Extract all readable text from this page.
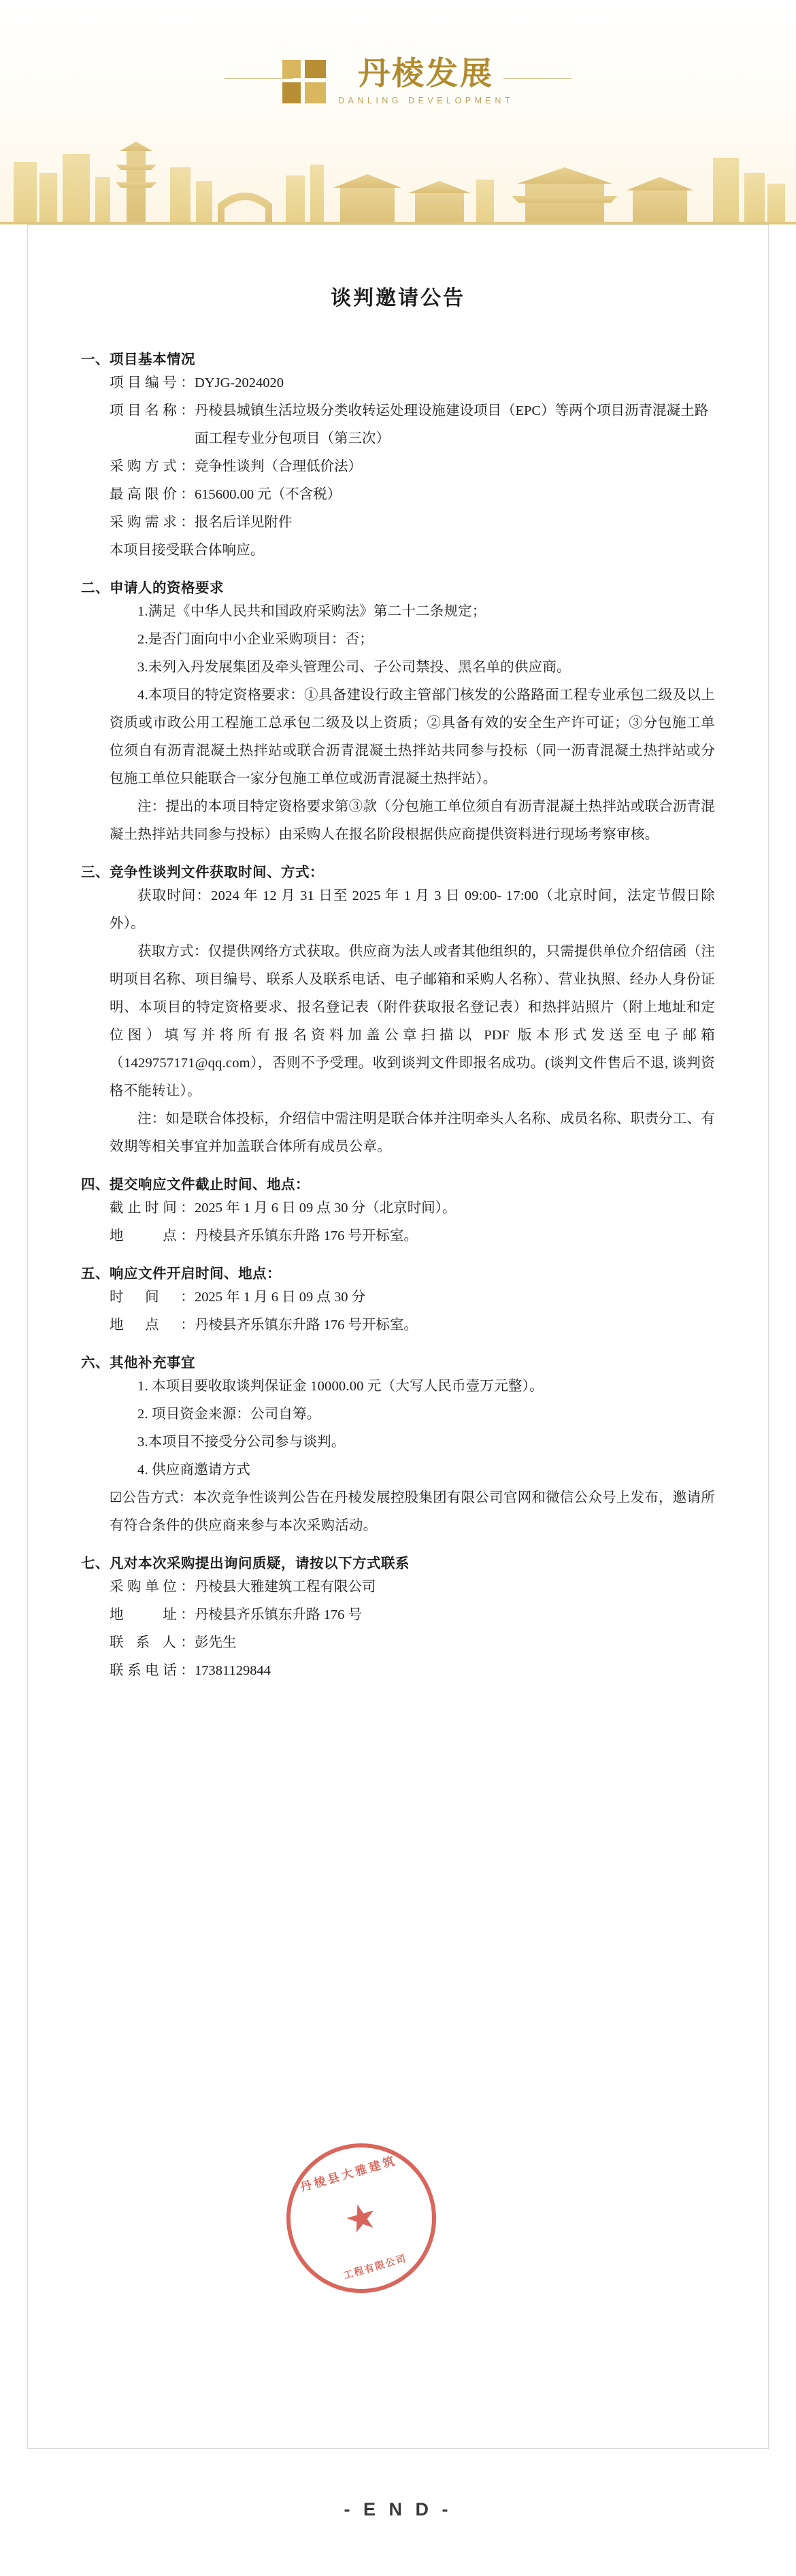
丹棱发展
DANLING DEVELOPMENT
谈判邀请公告
一、项目基本情况
项目编号： DYJG-2024020
项目名称： 丹棱县城镇生活垃圾分类收转运处理设施建设项目（EPC）等两个项目沥青混凝土路面工程专业分包项目（第三次）
采购方式： 竞争性谈判（合理低价法）
最高限价： 615600.00 元（不含税）
采购需求： 报名后详见附件

本项目接受联合体响应。

二、申请人的资格要求

1.满足《中华人民共和国政府采购法》第二十二条规定；

2.是否门面向中小企业采购项目：否；

3.未列入丹发展集团及牵头管理公司、子公司禁投、黑名单的供应商。

4.本项目的特定资格要求：①具备建设行政主管部门核发的公路路面工程专业承包二级及以上资质或市政公用工程施工总承包二级及以上资质；②具备有效的安全生产许可证；③分包施工单位须自有沥青混凝土热拌站或联合沥青混凝土热拌站共同参与投标（同一沥青混凝土热拌站或分包施工单位只能联合一家分包施工单位或沥青混凝土热拌站）。

注：提出的本项目特定资格要求第③款（分包施工单位须自有沥青混凝土热拌站或联合沥青混凝土热拌站共同参与投标）由采购人在报名阶段根据供应商提供资料进行现场考察审核。

三、竞争性谈判文件获取时间、方式：

获取时间：2024 年 12 月 31 日至 2025 年 1 月 3 日 09:00- 17:00（北京时间，法定节假日除外）。

获取方式：仅提供网络方式获取。供应商为法人或者其他组织的，只需提供单位介绍信函（注明项目名称、项目编号、联系人及联系电话、电子邮箱和采购人名称）、营业执照、经办人身份证明、本项目的特定资格要求、报名登记表（附件获取报名登记表）和热拌站照片（附上地址和定位图）填写并将所有报名资料加盖公章扫描以 PDF 版本形式发送至电子邮箱（1429757171@qq.com），否则不予受理。收到谈判文件即报名成功。(谈判文件售后不退, 谈判资格不能转让）。

注：如是联合体投标，介绍信中需注明是联合体并注明牵头人名称、成员名称、职责分工、有效期等相关事宜并加盖联合体所有成员公章。

四、提交响应文件截止时间、地点：
截止时间： 2025 年 1 月 6 日 09 点 30 分（北京时间）。
地　　点： 丹棱县齐乐镇东升路 176 号开标室。
五、响应文件开启时间、地点：
时间： 2025 年 1 月 6 日 09 点 30 分
地点： 丹棱县齐乐镇东升路 176 号开标室。
六、其他补充事宜

1. 本项目要收取谈判保证金 10000.00 元（大写人民币壹万元整）。

2. 项目资金来源：公司自筹。

3.本项目不接受分公司参与谈判。

4. 供应商邀请方式

☑公告方式：本次竞争性谈判公告在丹棱发展控股集团有限公司官网和微信公众号上发布，邀请所有符合条件的供应商来参与本次采购活动。

七、凡对本次采购提出询问质疑，请按以下方式联系
采购单位： 丹棱县大雅建筑工程有限公司
地　　址： 丹棱县齐乐镇东升路 176 号
联 系 人： 彭先生
联系电话： 17381129844
丹棱县大雅建筑
★
工程有限公司
- E N D -
